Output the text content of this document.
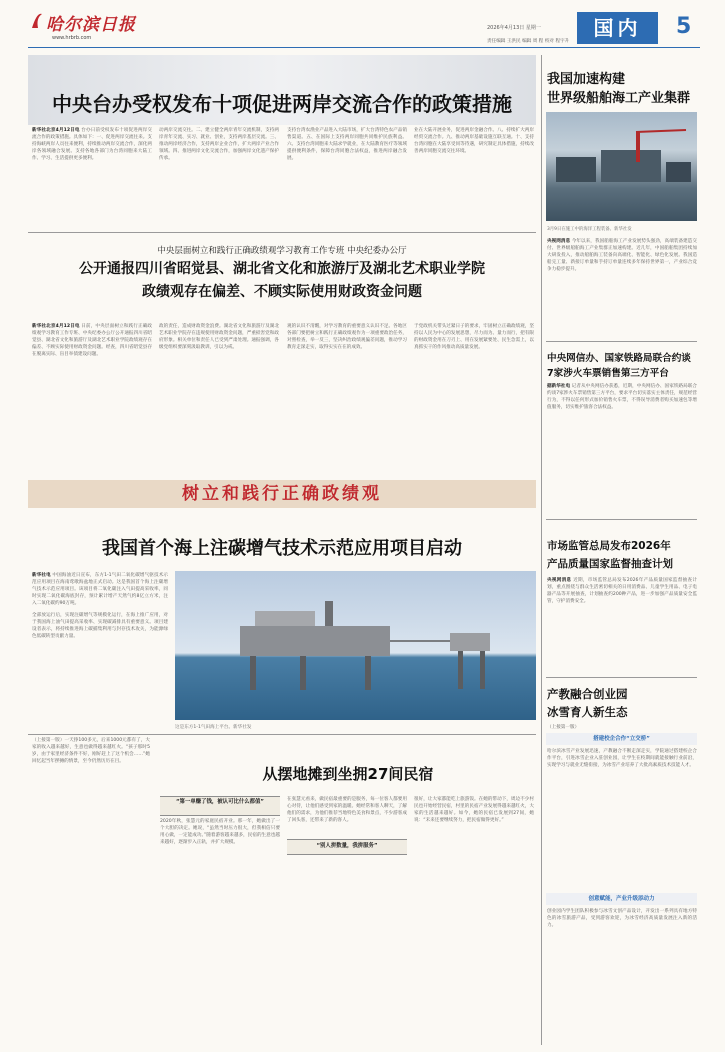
哈尔滨日报
www.hrbrb.com
2026年4月13日 星期一
责任编辑 王洪民 编辑 周 程 校对 程宇升
国内	5
中央台办受权发布十项促进两岸交流合作的政策措施
新华社北京4月12日电 台办日前受权发布十项促进两岸交流合作的政策措施。具体如下：一、促进两岸交流往来。支持海峡两岸人员往来便利，持续推动两岸交流合作，深化两岸各领域融合发展。支持各地各部门为台湾同胞来大陆工作、学习、生活提供更多便利。
动两岸交流交往。二、建立健全两岸青年交流机制，支持两岸青年交流、实习、就业、创业，支持两岸基层交流。三、推动两岸经济合作，支持两岸企业合作，扩大两岸产业合作领域。四、推进两岸文化交流合作，加强两岸文化遗产保护传承。
支持台湾农渔业产品进入大陆市场，扩大台湾特色农产品销售渠道。五、在国际上支持两岸同胞共同维护民族利益。六、支持台湾同胞来大陆求学就业，在大陆教育医疗等领域提供便利条件，保障台湾同胞合法权益，推进两岸融合发展。
业在大陆开展业务，促进两岸金融合作。八、持续扩大两岸经贸交流合作。九、推动两岸基础设施互联互通。十、支持台湾同胞在大陆享受同等待遇，研究制定具体措施，持续改善两岸同胞交流交往环境。
中央层面树立和践行正确政绩观学习教育工作专班 中央纪委办公厅
公开通报四川省昭觉县、湖北省文化和旅游厅及湖北艺术职业学院
政绩观存在偏差、不顾实际使用财政资金问题
新华社北京4月12日电 日前，中央层面树立和践行正确政绩观学习教育工作专班、中央纪委办公厅公开通报四川省昭觉县、湖北省文化和旅游厅及湖北艺术职业学院政绩观存在偏差、不顾实际使用财政资金问题。经查，四川省昭觉县存在脱离实际、盲目举债建设问题。
政的责任，造成财政资金浪费。湖北省文化和旅游厅及湖北艺术职业学院存在违规使用财政资金问题，严重损害党和政府形象。相关单位和责任人已受到严肃处理。通报强调，各级党组织要深刻汲取教训，引以为戒。
观的认识不清醒，对学习教育的重要意义认识不足。各地区各部门要把树立和践行正确政绩观作为一项重要政治任务，对照检查，举一反三，坚决纠治政绩观偏差问题，推动学习教育走深走实，取得实实在在的成效。
于党政机关带头过紧日子的要求，牢固树立正确政绩观，坚持以人民为中心的发展思想，尽力而为、量力而行，把有限的财政资金用在刀刃上、用在发展紧要处、民生急需上，以真抓实干的作风推动高质量发展。
树立和践行正确政绩观
我国首个海上注碳增气技术示范应用项目启动
新华社电 中国海油近日宣布，东方1-1气田二氧化碳增气驱技术示范应用项目在海南莺歌海盆地正式启动。这是我国首个海上注碳增气技术示范应用项目。该项目将二氧化碳注入气田提高采收率，同时实现二氧化碳海底封存，预计累计增产天然气约8亿立方米，注入二氧化碳约90万吨。
全部放运行后，实现注碳增气等规模化运行，在海上推广应用，对于我国海上油气田提高采收率、实现碳减排具有重要意义。项目建设者表示，将持续推进海上碳捕集利用与封存技术攻关，为能源绿色低碳转型贡献力量。
这是东方1-1气田海上平台。新华社发
（上接第一版）一天挣100多元，后来1000元都有了，大家的收入越来越好，生意也做得越来越红火。“孩子那时5岁，由于家里经济条件不好，刚好赶上了这个机会……”她回忆起当年摆摊的情景，至今仍然历历在目。
从摆地摊到坐拥27间民宿
“第一单赚了钱，被认可比什么都值”
2020年秋，张慧元的家庭民宿开业。那一年，她做出了一个大胆的决定。她说，“虽然当时压力很大，但我相信只要用心做，一定能成功。”随着游客越来越多，民宿的生意也越来越好，逐渐步入正轨，并扩大规模。
在张慧元看来，做民宿最重要的是服务，每一位客人都要用心对待，让他们感受到家的温暖。她经常和客人聊天，了解他们的需求，为他们推荐当地特色美食和景点，不少游客成了回头客，还带来了新的客人。
“别人拼数量，我拼服务”
很好，让大家都能吃上旅游饭。在她的带动下，周边不少村民也开始经营民宿，村里的民宿产业发展得越来越红火，大家的生活越来越好。如今，她的民宿已发展到27间，她说：“未来还要继续努力，把民宿做得更好。”
我国加速构建
世界级船舶海工产业集群
3月9日在施工中的海洋工程装备。新华社发
央视网消息 今年以来，我国船舶海工产业发展势头强劲，高端装备建造交付、世界级船舶海工产业集群正加速构建。近几年，中国船舶集团持续加大研发投入，推动船舶海工装备向高端化、智能化、绿色化发展。我国造船完工量、新接订单量和手持订单量连续多年保持世界第一，产业综合竞争力稳步提升。
中央网信办、国家铁路局联合约谈
7家涉火车票销售第三方平台
据新华社电 记者从中央网信办获悉，近期，中央网信办、国家铁路局联合约谈7家涉火车票销售第三方平台，要求平台切实落实主体责任，规范经营行为，不得以任何形式加价销售火车票，不得误导消费者购买加速包等增值服务，切实维护旅客合法权益。
市场监管总局发布2026年
产品质量国家监督抽查计划
央视网消息 近期，市场监管总局发布2026年产品质量国家监督抽查计划，重点围绕与群众生活密切相关的日用消费品、儿童学生用品、电子电器产品等开展抽查，计划抽查约200种产品，进一步加强产品质量安全监管，守护消费安全。
产教融合创业园
冰雪育人新生态
（上接第一版）
搭建校企合作“立交桥”
哈尔滨冰雪产业发展迅速，产教融合不断走深走实，学院通过搭建校企合作平台，引进冰雪企业入驻创业园，让学生在校期间就能接触行业前沿，实现学习与就业无缝衔接，为冰雪产业培养了大批高素质技术技能人才。
创意赋能，产业升级添动力
创业园内学生团队积极参与冰雪文创产品设计，开发出一系列具有地方特色的冰雪旅游产品，受到游客欢迎，为冰雪经济高质量发展注入新的活力。
